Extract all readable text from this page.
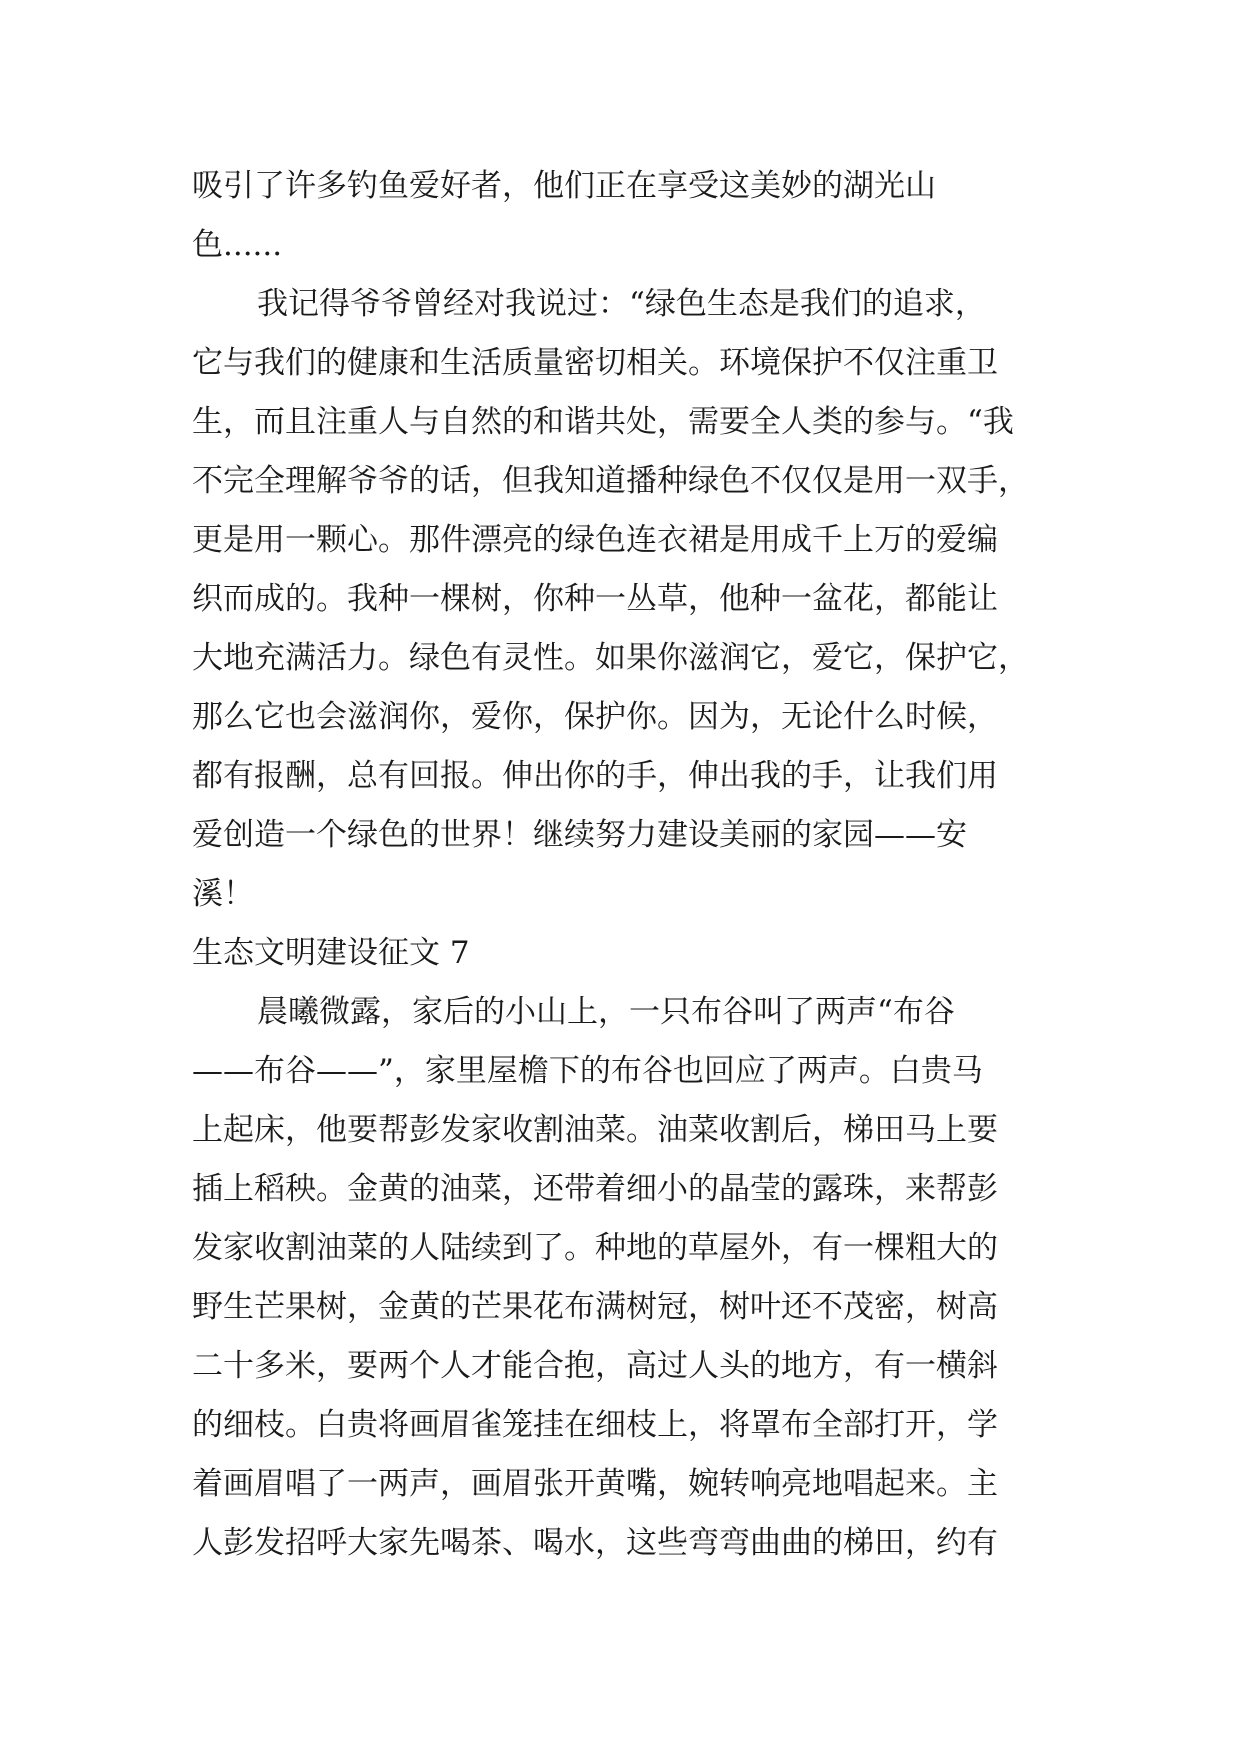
吸引了许多钓鱼爱好者，他们正在享受这美妙的湖光山
色......
我记得爷爷曾经对我说过：“绿色生态是我们的追求，
它与我们的健康和生活质量密切相关。环境保护不仅注重卫
生，而且注重人与自然的和谐共处，需要全人类的参与。“我
不完全理解爷爷的话，但我知道播种绿色不仅仅是用一双手，
更是用一颗心。那件漂亮的绿色连衣裙是用成千上万的爱编
织而成的。我种一棵树，你种一丛草，他种一盆花，都能让
大地充满活力。绿色有灵性。如果你滋润它，爱它，保护它，
那么它也会滋润你，爱你，保护你。因为，无论什么时候，
都有报酬，总有回报。伸出你的手，伸出我的手，让我们用
爱创造一个绿色的世界！继续努力建设美丽的家园——安
溪！
生态文明建设征文 7
晨曦微露，家后的小山上，一只布谷叫了两声“布谷
——布谷——”，家里屋檐下的布谷也回应了两声。白贵马
上起床，他要帮彭发家收割油菜。油菜收割后，梯田马上要
插上稻秧。金黄的油菜，还带着细小的晶莹的露珠，来帮彭
发家收割油菜的人陆续到了。种地的草屋外，有一棵粗大的
野生芒果树，金黄的芒果花布满树冠，树叶还不茂密，树高
二十多米，要两个人才能合抱，高过人头的地方，有一横斜
的细枝。白贵将画眉雀笼挂在细枝上，将罩布全部打开，学
着画眉唱了一两声，画眉张开黄嘴，婉转响亮地唱起来。主
人彭发招呼大家先喝茶、喝水，这些弯弯曲曲的梯田，约有
